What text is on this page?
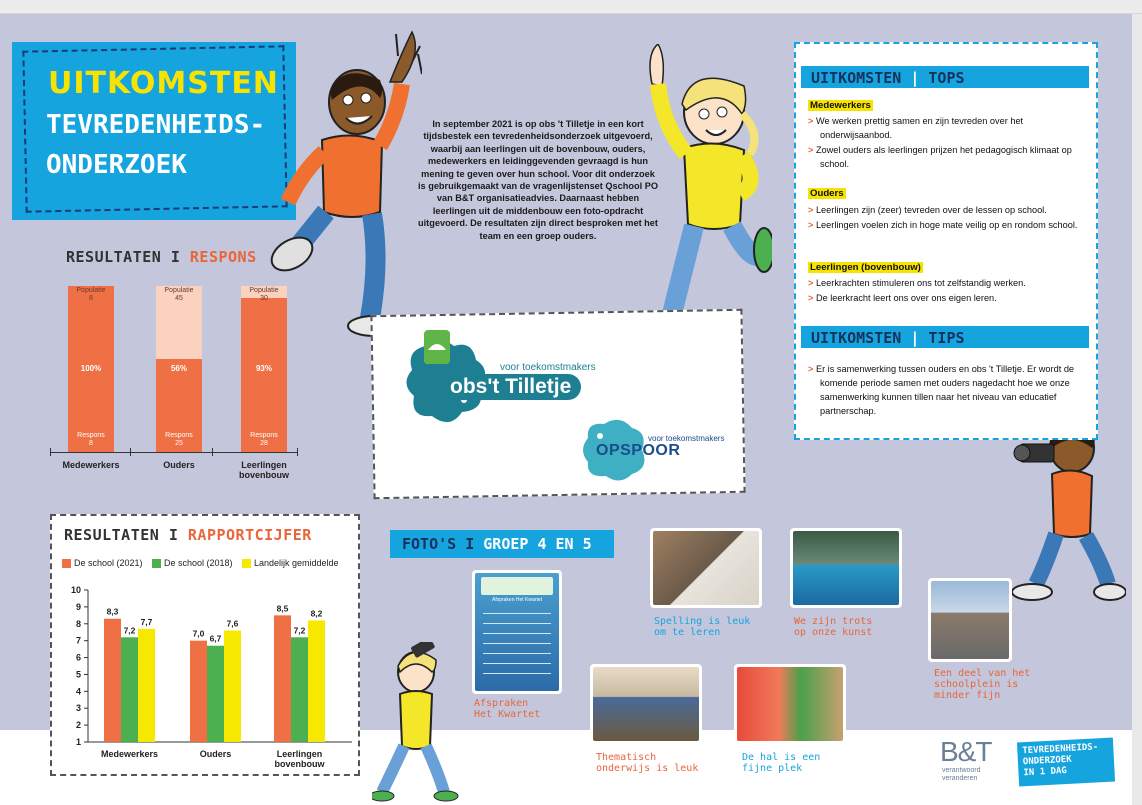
UITKOMSTEN
TEVREDENHEIDS-
ONDERZOEK
RESULTATEN I RESPONS
Populatie
8
100%
Respons
8
Medewerkers
Populatie
45
56%
Respons
25
Ouders
Populatie
30
93%
Respons
28
Leerlingen
bovenbouw
In september 2021 is op obs 't Tilletje in een kort tijdsbestek een tevredenheidsonderzoek uitgevoerd, waarbij aan leerlingen uit de bovenbouw, ouders, medewerkers en leidinggevenden gevraagd is hun mening te geven over hun school. Voor dit onderzoek is gebruikgemaakt van de vragenlijstenset Qschool PO van B&T organisatieadvies. Daarnaast hebben leerlingen uit de middenbouw een foto-opdracht uitgevoerd. De resultaten zijn direct besproken met het team en een groep ouders.
voor toekomstmakers
obs't Tilletje
voor toekomstmakers
OPSPOOR
UITKOMSTEN | TOPS
Medewerkers
> We werken prettig samen en zijn tevreden over het onderwijsaanbod.
> Zowel ouders als leerlingen prijzen het pedagogisch klimaat op school.
Ouders
> Leerlingen zijn (zeer) tevreden over de lessen op school.
> Leerlingen voelen zich in hoge mate veilig op en rondom school.
Leerlingen (bovenbouw)
> Leerkrachten stimuleren ons tot zelfstandig werken.
> De leerkracht leert ons over ons eigen leren.
UITKOMSTEN | TIPS
> Er is samenwerking tussen ouders en obs 't Tilletje. Er wordt de komende periode samen met ouders nagedacht hoe we onze samenwerking kunnen tillen naar het niveau van educatief partnerschap.
RESULTATEN I RAPPORTCIJFER
De school (2021) De school (2018) Landelijk gemiddelde
1
2
3
4
5
6
7
8
9
10
8,3
7,2
7,7
Medewerkers
7,0
6,7
7,6
Ouders
8,5
7,2
8,2
Leerlingen
bovenbouw
FOTO'S I GROEP 4 EN 5
Afspraken Het Kwartet
Afspraken
Het Kwartet
Spelling is leuk
om te leren
We zijn trots
op onze kunst
Thematisch
onderwijs is leuk
De hal is een
fijne plek
Een deel van het
schoolplein is
minder fijn
B&T
verantwoord
veranderen
TEVREDENHEIDS-
ONDERZOEK
IN 1 DAG
